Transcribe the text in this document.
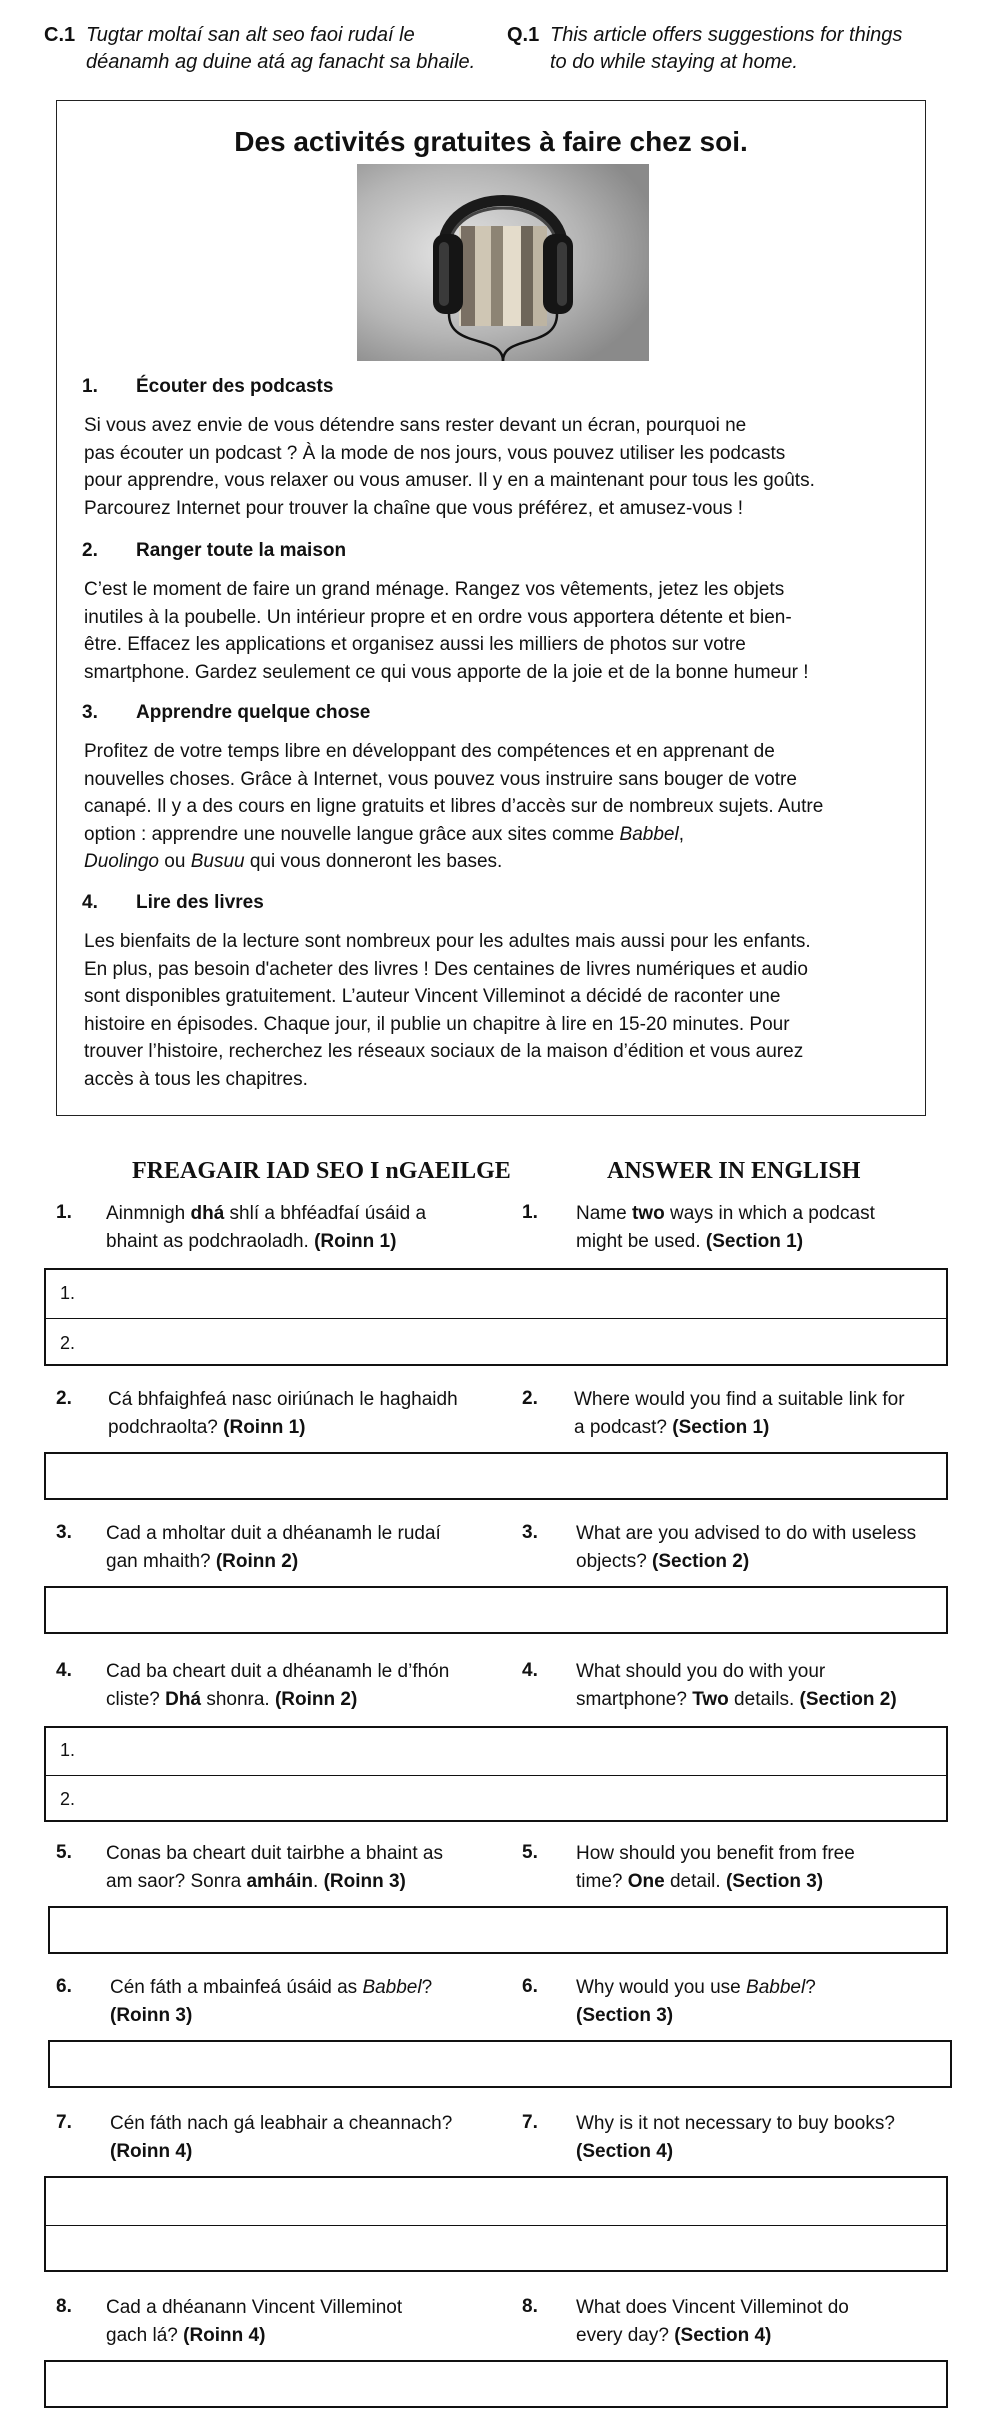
C.1 Tugtar moltaí san alt seo faoi rudaí le
déanamh ag duine atá ag fanacht sa bhaile.
Q.1 This article offers suggestions for things
to do while staying at home.
Des activités gratuites à faire chez soi.
1. Écouter des podcasts
Si vous avez envie de vous détendre sans rester devant un écran, pourquoi ne
pas écouter un podcast ? À la mode de nos jours, vous pouvez utiliser les podcasts
pour apprendre, vous relaxer ou vous amuser. Il y en a maintenant pour tous les goûts.
Parcourez Internet pour trouver la chaîne que vous préférez, et amusez-vous !
2. Ranger toute la maison
C’est le moment de faire un grand ménage. Rangez vos vêtements, jetez les objets
inutiles à la poubelle. Un intérieur propre et en ordre vous apportera détente et bien-
être. Effacez les applications et organisez aussi les milliers de photos sur votre
smartphone. Gardez seulement ce qui vous apporte de la joie et de la bonne humeur !
3. Apprendre quelque chose
Profitez de votre temps libre en développant des compétences et en apprenant de
nouvelles choses. Grâce à Internet, vous pouvez vous instruire sans bouger de votre
canapé. Il y a des cours en ligne gratuits et libres d’accès sur de nombreux sujets. Autre
option : apprendre une nouvelle langue grâce aux sites comme Babbel,
Duolingo ou Busuu qui vous donneront les bases.
4. Lire des livres
Les bienfaits de la lecture sont nombreux pour les adultes mais aussi pour les enfants.
En plus, pas besoin d'acheter des livres ! Des centaines de livres numériques et audio
sont disponibles gratuitement. L’auteur Vincent Villeminot a décidé de raconter une
histoire en épisodes. Chaque jour, il publie un chapitre à lire en 15-20 minutes. Pour
trouver l’histoire, recherchez les réseaux sociaux de la maison d’édition et vous aurez
accès à tous les chapitres.
FREAGAIR IAD SEO I nGAEILGE	ANSWER IN ENGLISH
1. Ainmnigh dhá shlí a bhféadfaí úsáid a
bhaint as podchraoladh. (Roinn 1)
1. Name two ways in which a podcast
might be used. (Section 1)
1.
2.
2. Cá bhfaighfeá nasc oiriúnach le haghaidh
podchraolta? (Roinn 1)
2. Where would you find a suitable link for
a podcast? (Section 1)
3. Cad a mholtar duit a dhéanamh le rudaí
gan mhaith? (Roinn 2)
3. What are you advised to do with useless
objects? (Section 2)
4. Cad ba cheart duit a dhéanamh le d’fhón
cliste? Dhá shonra. (Roinn 2)
4. What should you do with your
smartphone? Two details. (Section 2)
1.
2.
5. Conas ba cheart duit tairbhe a bhaint as
am saor? Sonra amháin. (Roinn 3)
5. How should you benefit from free
time? One detail. (Section 3)
6. Cén fáth a mbainfeá úsáid as Babbel?
(Roinn 3)
6. Why would you use Babbel?
(Section 3)
7. Cén fáth nach gá leabhair a cheannach?
(Roinn 4)
7. Why is it not necessary to buy books?
(Section 4)
8. Cad a dhéanann Vincent Villeminot
gach lá? (Roinn 4)
8. What does Vincent Villeminot do
every day? (Section 4)
